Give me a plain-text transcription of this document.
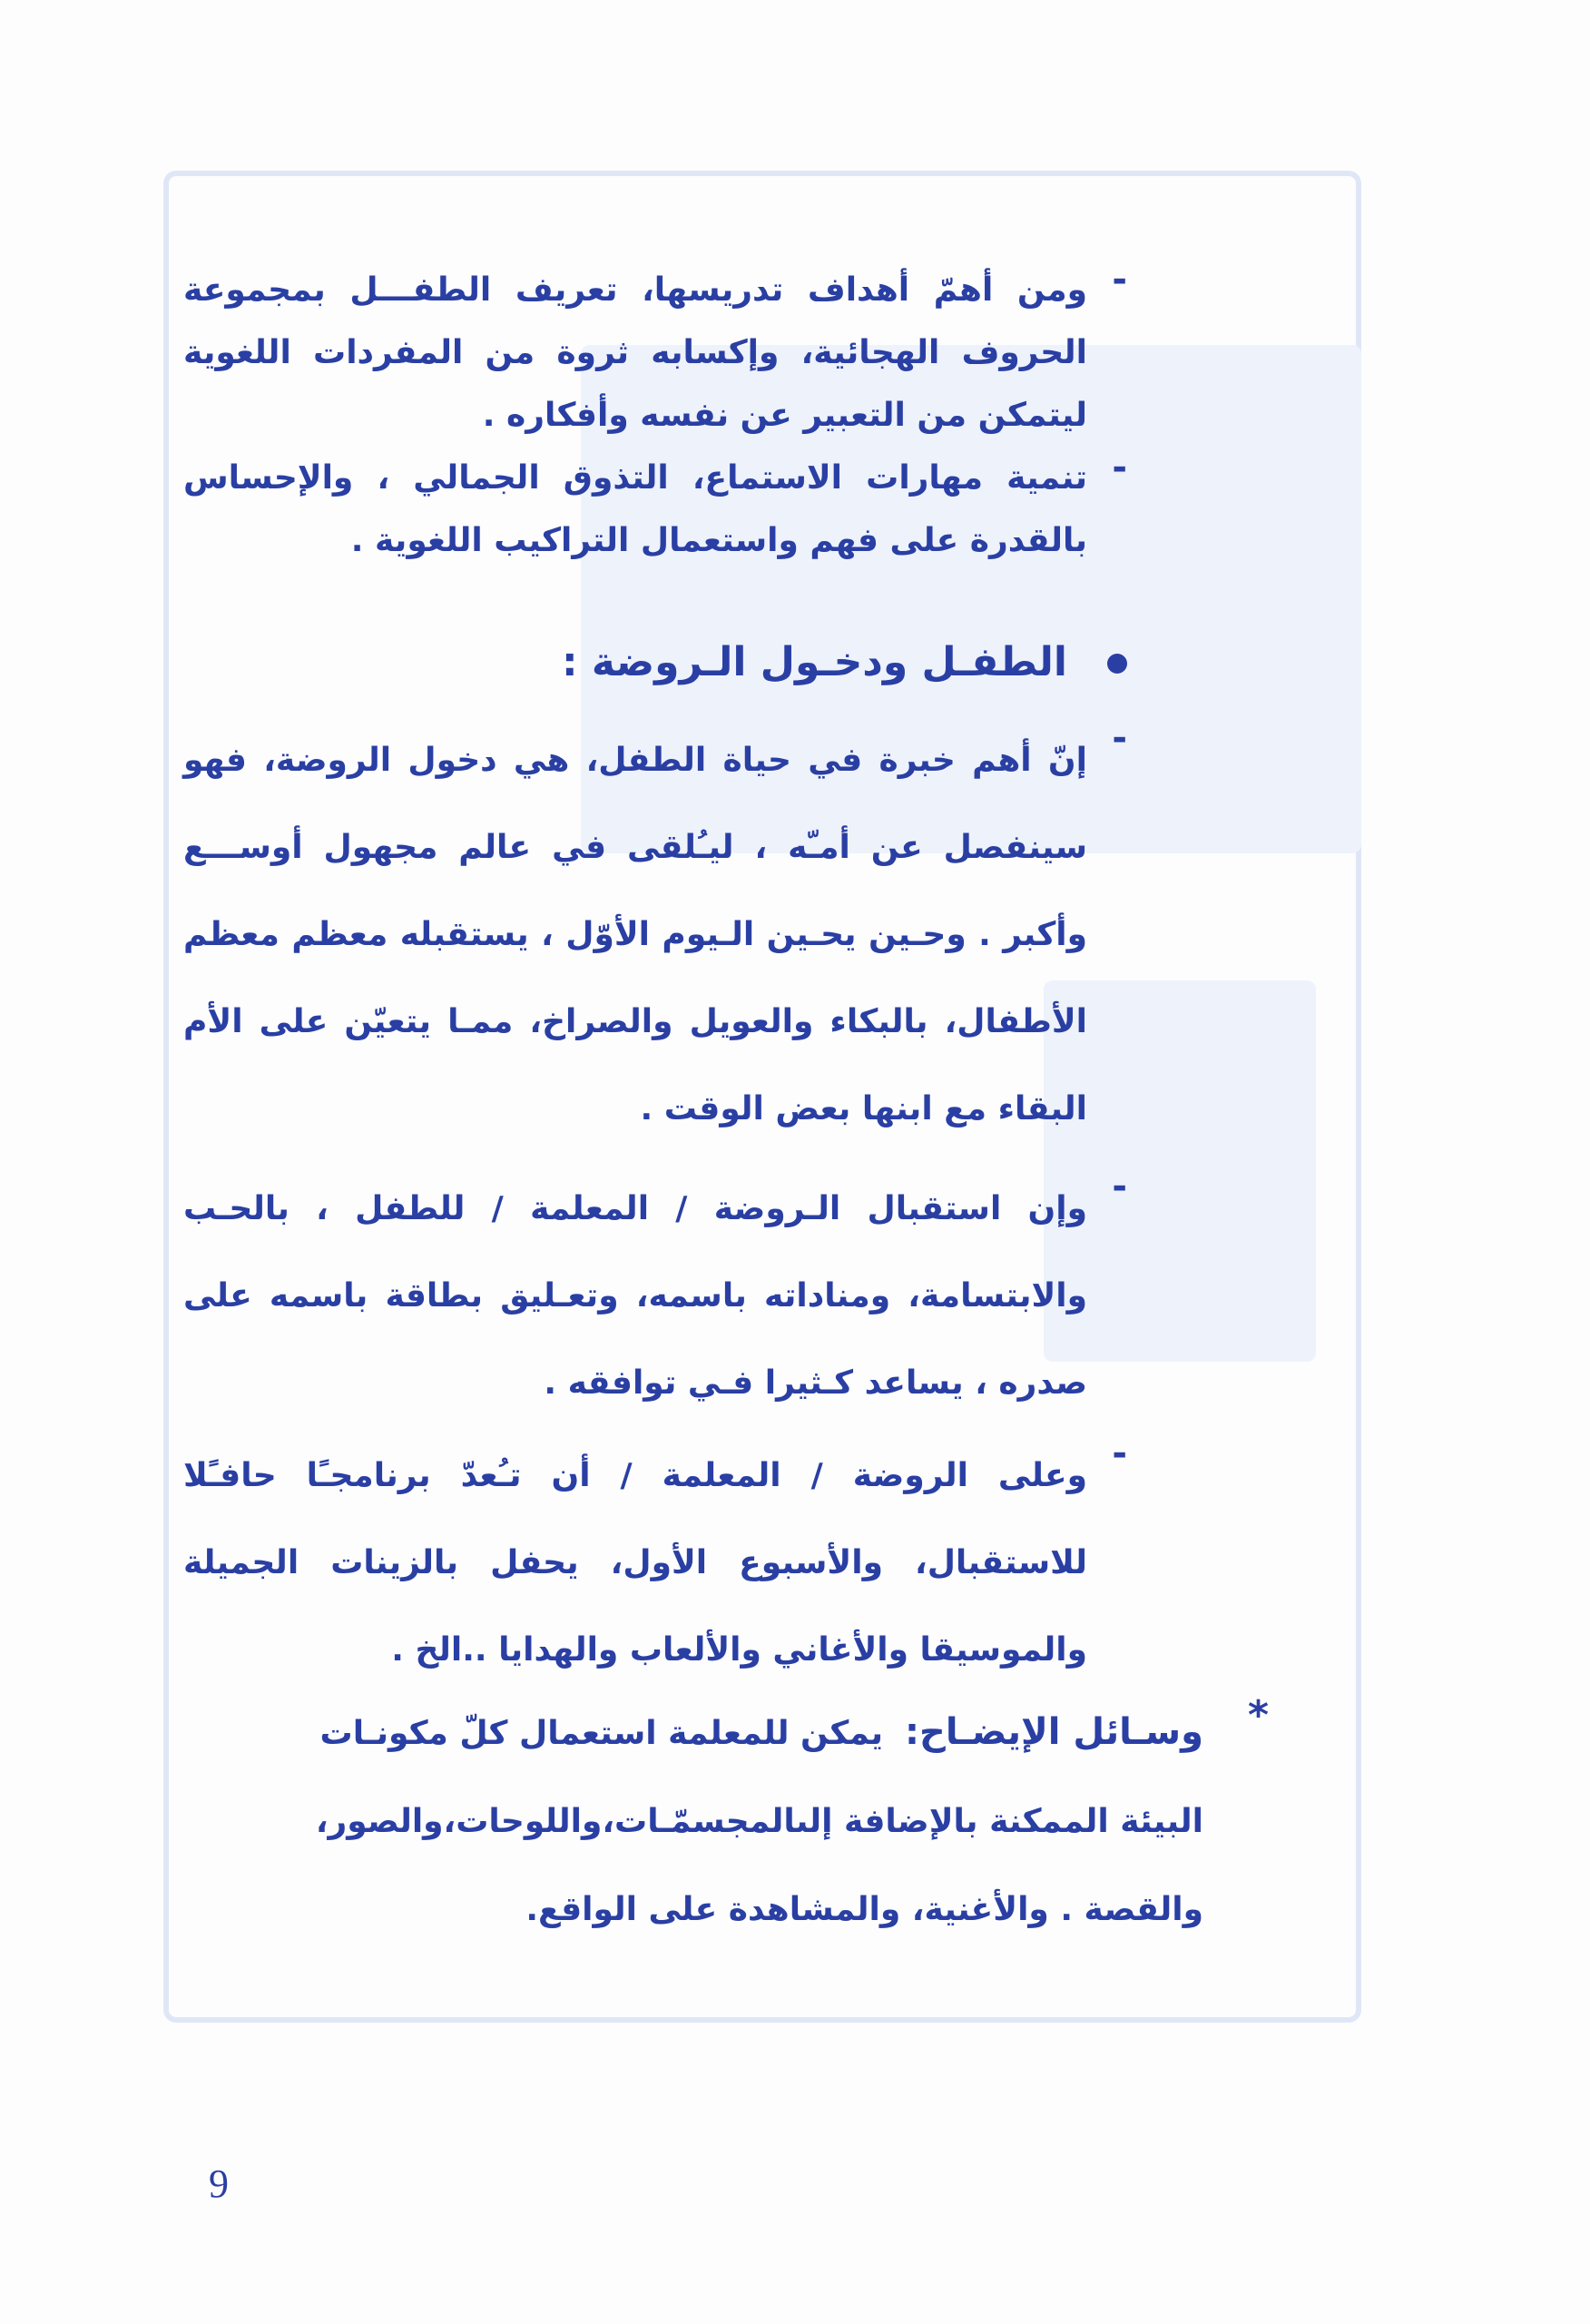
-

ومن أهمّ أهداف تدريسها، تعريف الطفـــل بمجموعة الحروف الهجائية، وإكسابه ثروة من المفردات اللغوية ليتمكن من التعبير عن نفسه وأفكاره .

-

تنمية مهارات الاستماع، التذوق الجمالي ، والإحساس بالقدرة على فهم واستعمال التراكيب اللغوية .

الطفـل ودخـول الـروضة :
-

إنّ أهم خبرة في حياة الطفل، هي دخول الروضة، فهو سينفصل عن أمـّه ، ليـُلقى في عالم مجهول أوســـع وأكبر . وحـين يحـين الـيوم الأوّل ، يستقبله معظم معظم الأطفال، بالبكاء والعويل والصراخ، ممـا يتعيّن على الأم البقاء مع ابنها بعض الوقت .

-

وإن استقبال الـروضة / المعلمة / للطفل ، بالحـب والابتسامة، ومناداته باسمه، وتعـليق بطاقة باسمه على صدره ، يساعد كـثيرا فـي توافقه .

-

وعلى الروضة / المعلمة / أن تـُعدّ برنامجـًا حافـًلا للاستقبال، والأسبوع الأول، يحفل بالزينات الجميلة والموسيقا والأغاني والألعاب والهدايا ..الخ .

*

وسـائل الإيضـاح:يمكن للمعلمة استعمال كلّ مكونـات البيئة الممكنة بالإضافة إلىالمجسمّـات،واللوحات،والصور، والقصة . والأغنية، والمشاهدة على الواقع.

9
